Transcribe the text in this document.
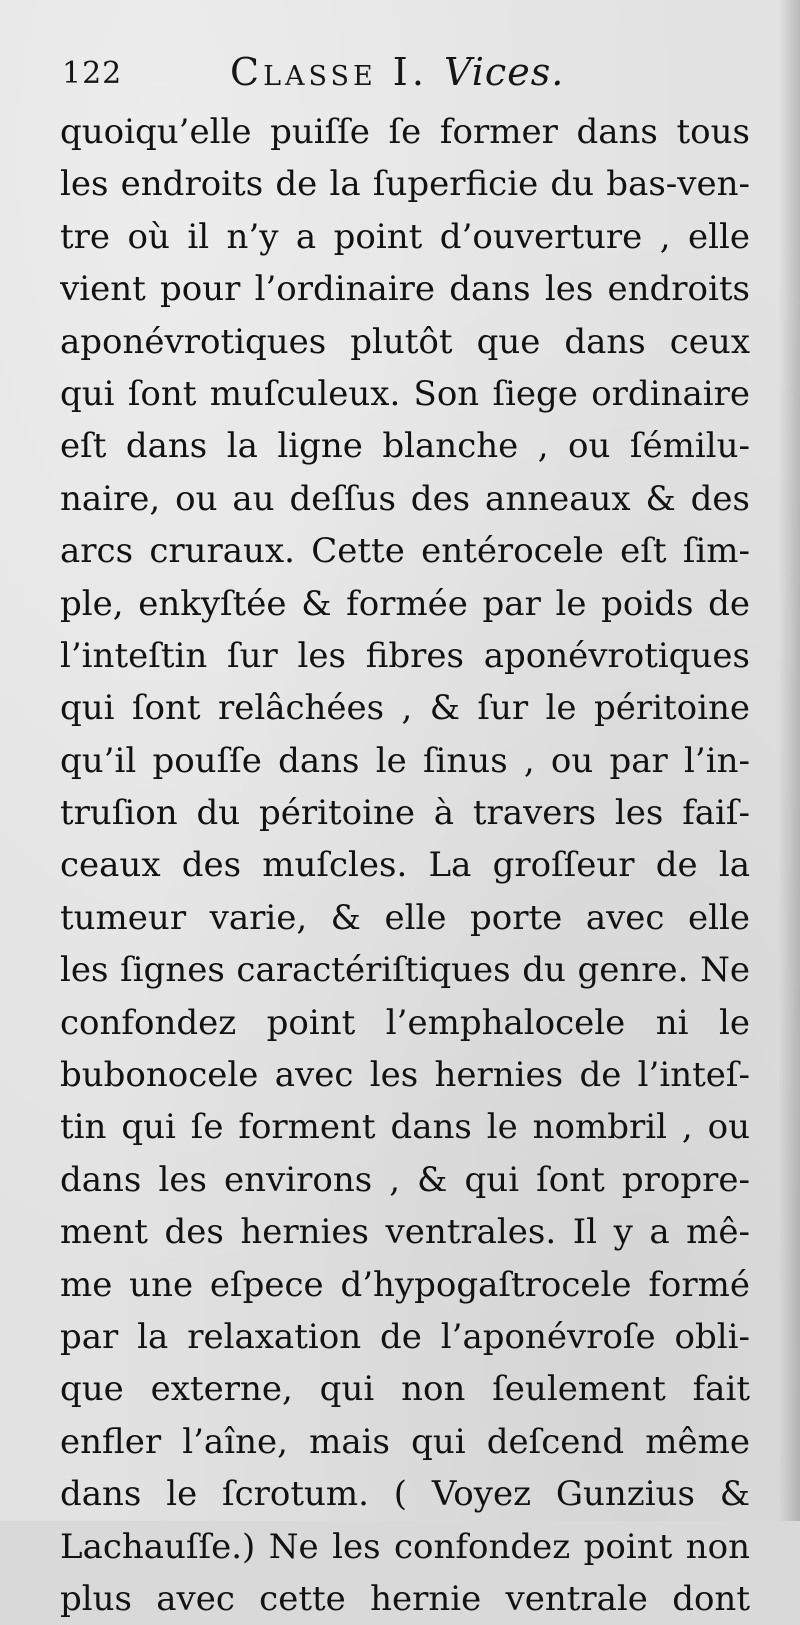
122	Classe I. Vices.
quoiqu’elle puiſſe ſe former dans tous
les endroits de la ſuperficie du bas-ven-
tre où il n’y a point d’ouverture , elle
vient pour l’ordinaire dans les endroits
aponévrotiques plutôt que dans ceux
qui ſont muſculeux. Son ſiege ordinaire
eſt dans la ligne blanche , ou ſémilu-
naire, ou au deſſus des anneaux & des
arcs cruraux. Cette entérocele eſt ſim-
ple, enkyſtée & formée par le poids de
l’inteſtin ſur les fibres aponévrotiques
qui ſont relâchées , & ſur le péritoine
qu’il pouſſe dans le ſinus , ou par l’in-
truſion du péritoine à travers les faiſ-
ceaux des muſcles. La groſſeur de la
tumeur varie, & elle porte avec elle
les ſignes caractériſtiques du genre. Ne
confondez point l’emphalocele ni le
bubonocele avec les hernies de l’inteſ-
tin qui ſe forment dans le nombril , ou
dans les environs , & qui ſont propre-
ment des hernies ventrales. Il y a mê-
me une eſpece d’hypogaſtrocele formé
par la relaxation de l’aponévroſe obli-
que externe, qui non ſeulement fait
enfler l’aîne, mais qui deſcend même
dans le ſcrotum. ( Voyez Gunzius &
Lachauſſe.) Ne les confondez point non
plus avec cette hernie ventrale dont
